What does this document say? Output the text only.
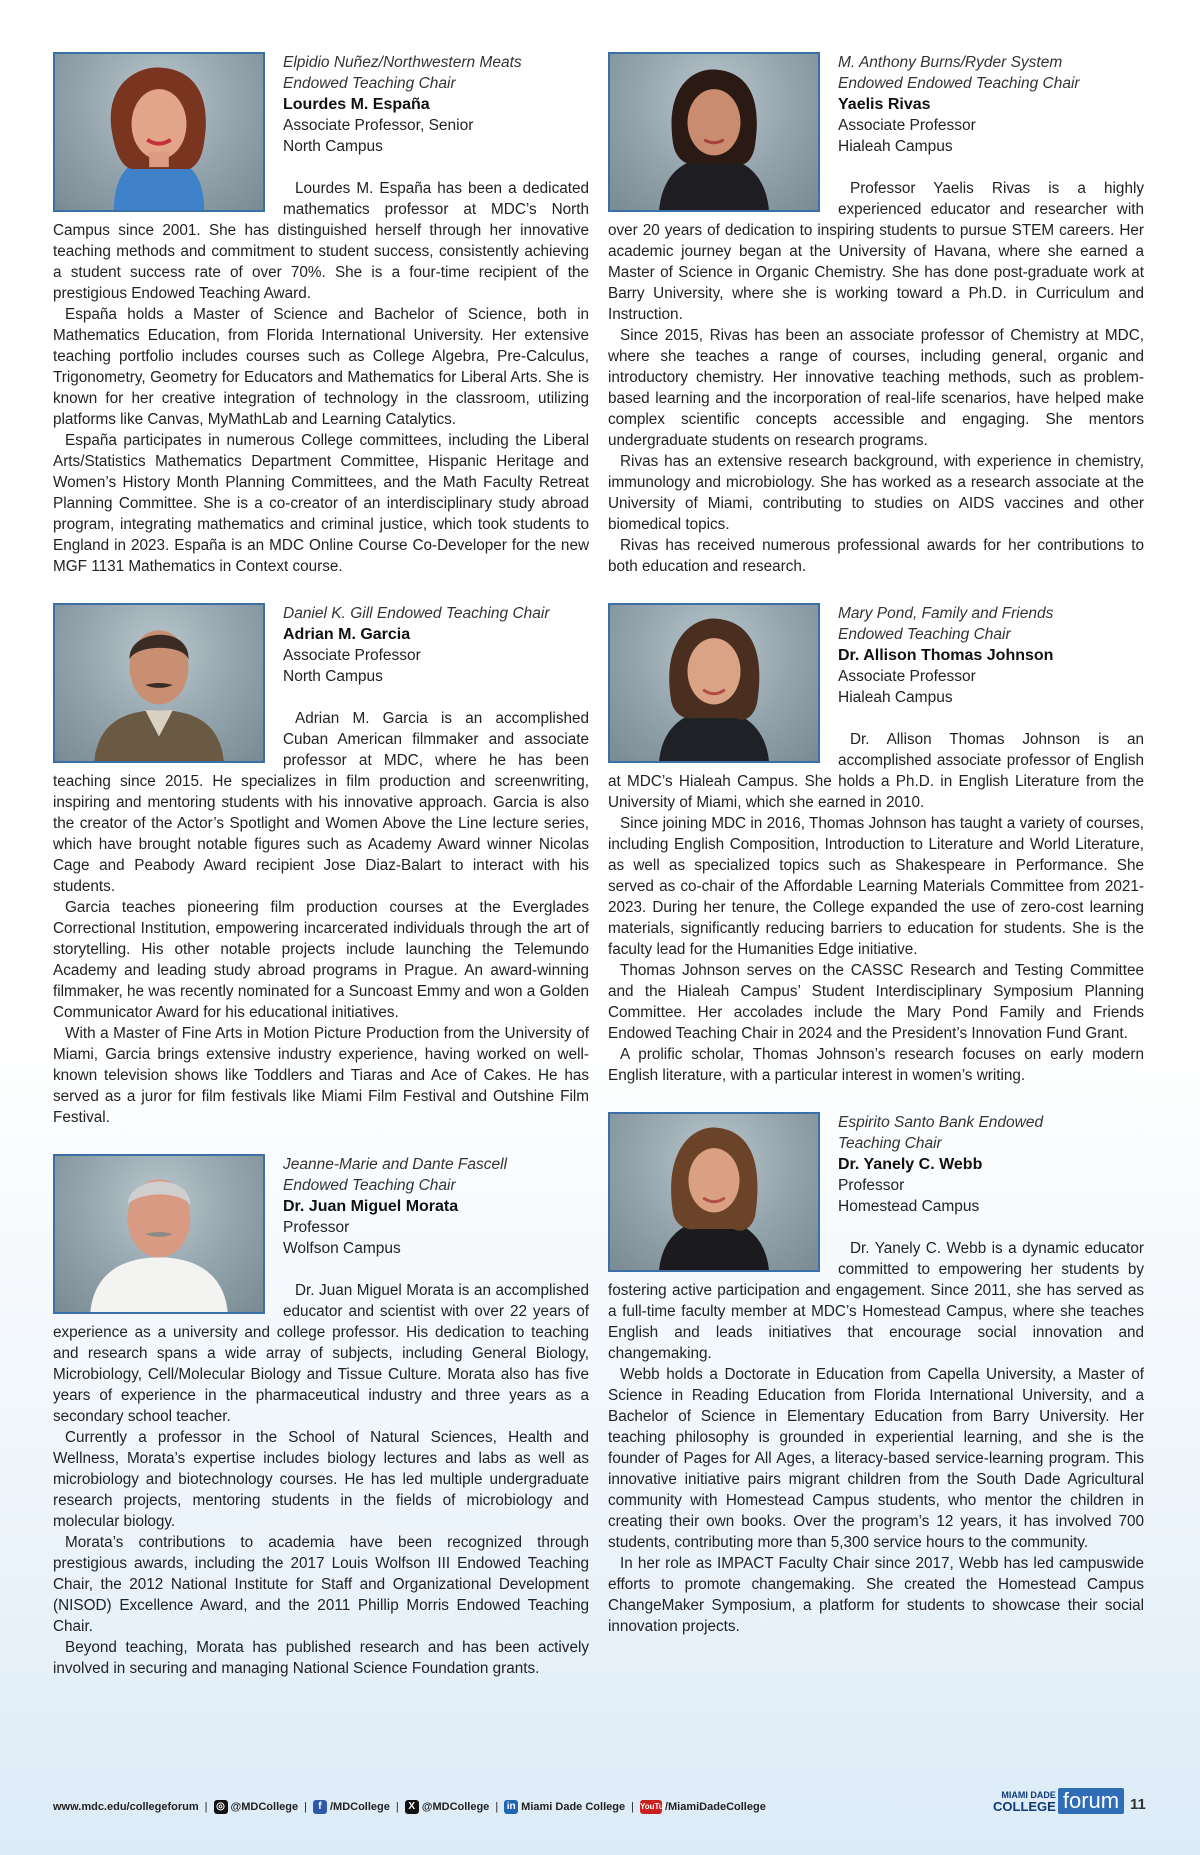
Elpidio Nuñez/Northwestern Meats

Endowed Teaching Chair

Lourdes M. España

Associate Professor, Senior

North Campus

Lourdes M. España has been a dedicated mathematics professor at MDC’s North Campus since 2001. She has distinguished herself through her innovative teaching methods and commitment to student success, consistently achieving a student success rate of over 70%. She is a four-time recipient of the prestigious Endowed Teaching Award.

España holds a Master of Science and Bachelor of Science, both in Mathematics Education, from Florida International University. Her extensive teaching portfolio includes courses such as College Algebra, Pre-Calculus, Trigonometry, Geometry for Educators and Mathematics for Liberal Arts. She is known for her creative integration of technology in the classroom, utilizing platforms like Canvas, MyMathLab and Learning Catalytics.

España participates in numerous College committees, including the Liberal Arts/Statistics Mathematics Department Committee, Hispanic Heritage and Women’s History Month Planning Committees, and the Math Faculty Retreat Planning Committee. She is a co-creator of an interdisciplinary study abroad program, integrating mathematics and criminal justice, which took students to England in 2023. España is an MDC Online Course Co-Developer for the new MGF 1131 Mathematics in Context course.

Daniel K. Gill Endowed Teaching Chair

Adrian M. Garcia

Associate Professor

North Campus

Adrian M. Garcia is an accomplished Cuban American filmmaker and associate professor at MDC, where he has been teaching since 2015. He specializes in film production and screenwriting, inspiring and mentoring students with his innovative approach. Garcia is also the creator of the Actor’s Spotlight and Women Above the Line lecture series, which have brought notable figures such as Academy Award winner Nicolas Cage and Peabody Award recipient Jose Diaz-Balart to interact with his students.

Garcia teaches pioneering film production courses at the Everglades Correctional Institution, empowering incarcerated individuals through the art of storytelling. His other notable projects include launching the Telemundo Academy and leading study abroad programs in Prague. An award-winning filmmaker, he was recently nominated for a Suncoast Emmy and won a Golden Communicator Award for his educational initiatives.

With a Master of Fine Arts in Motion Picture Production from the University of Miami, Garcia brings extensive industry experience, having worked on well-known television shows like Toddlers and Tiaras and Ace of Cakes. He has served as a juror for film festivals like Miami Film Festival and Outshine Film Festival.

Jeanne-Marie and Dante Fascell

Endowed Teaching Chair

Dr. Juan Miguel Morata

Professor

Wolfson Campus

Dr. Juan Miguel Morata is an accomplished educator and scientist with over 22 years of experience as a university and college professor. His dedication to teaching and research spans a wide array of subjects, including General Biology, Microbiology, Cell/Molecular Biology and Tissue Culture. Morata also has five years of experience in the pharmaceutical industry and three years as a secondary school teacher.

Currently a professor in the School of Natural Sciences, Health and Wellness, Morata’s expertise includes biology lectures and labs as well as microbiology and biotechnology courses. He has led multiple undergraduate research projects, mentoring students in the fields of microbiology and molecular biology.

Morata’s contributions to academia have been recognized through prestigious awards, including the 2017 Louis Wolfson III Endowed Teaching Chair, the 2012 National Institute for Staff and Organizational Development (NISOD) Excellence Award, and the 2011 Phillip Morris Endowed Teaching Chair.

Beyond teaching, Morata has published research and has been actively involved in securing and managing National Science Foundation grants.

M. Anthony Burns/Ryder System

Endowed Endowed Teaching Chair

Yaelis Rivas

Associate Professor

Hialeah Campus

Professor Yaelis Rivas is a highly experienced educator and researcher with over 20 years of dedication to inspiring students to pursue STEM careers. Her academic journey began at the University of Havana, where she earned a Master of Science in Organic Chemistry. She has done post-graduate work at Barry University, where she is working toward a Ph.D. in Curriculum and Instruction.

Since 2015, Rivas has been an associate professor of Chemistry at MDC, where she teaches a range of courses, including general, organic and introductory chemistry. Her innovative teaching methods, such as problem-based learning and the incorporation of real-life scenarios, have helped make complex scientific concepts accessible and engaging. She mentors undergraduate students on research programs.

Rivas has an extensive research background, with experience in chemistry, immunology and microbiology. She has worked as a research associate at the University of Miami, contributing to studies on AIDS vaccines and other biomedical topics.

Rivas has received numerous professional awards for her contributions to both education and research.

Mary Pond, Family and Friends

Endowed Teaching Chair

Dr. Allison Thomas Johnson

Associate Professor

Hialeah Campus

Dr. Allison Thomas Johnson is an accomplished associate professor of English at MDC’s Hialeah Campus. She holds a Ph.D. in English Literature from the University of Miami, which she earned in 2010.

Since joining MDC in 2016, Thomas Johnson has taught a variety of courses, including English Composition, Introduction to Literature and World Literature, as well as specialized topics such as Shakespeare in Performance. She served as co-chair of the Affordable Learning Materials Committee from 2021-2023. During her tenure, the College expanded the use of zero-cost learning materials, significantly reducing barriers to education for students. She is the faculty lead for the Humanities Edge initiative.

Thomas Johnson serves on the CASSC Research and Testing Committee and the Hialeah Campus’ Student Interdisciplinary Symposium Planning Committee. Her accolades include the Mary Pond Family and Friends Endowed Teaching Chair in 2024 and the President’s Innovation Fund Grant.

A prolific scholar, Thomas Johnson’s research focuses on early modern English literature, with a particular interest in women’s writing.

Espirito Santo Bank Endowed

Teaching Chair

Dr. Yanely C. Webb

Professor

Homestead Campus

Dr. Yanely C. Webb is a dynamic educator committed to empowering her students by fostering active participation and engagement. Since 2011, she has served as a full-time faculty member at MDC’s Homestead Campus, where she teaches English and leads initiatives that encourage social innovation and changemaking.

Webb holds a Doctorate in Education from Capella University, a Master of Science in Reading Education from Florida International University, and a Bachelor of Science in Elementary Education from Barry University. Her teaching philosophy is grounded in experiential learning, and she is the founder of Pages for All Ages, a literacy-based service-learning program. This innovative initiative pairs migrant children from the South Dade Agricultural community with Homestead Campus students, who mentor the children in creating their own books. Over the program’s 12 years, it has involved 700 students, contributing more than 5,300 service hours to the community.

In her role as IMPACT Faculty Chair since 2017, Webb has led campuswide efforts to promote changemaking. She created the Homestead Campus ChangeMaker Symposium, a platform for students to showcase their social innovation projects.

www.mdc.edu/collegeforum | ◎ @MDCollege |	f /MDCollege | X @MDCollege | in Miami Dade College | YouTube
/MiamiDadeCollege
MIAMI DADE
COLLEGE forum 11
